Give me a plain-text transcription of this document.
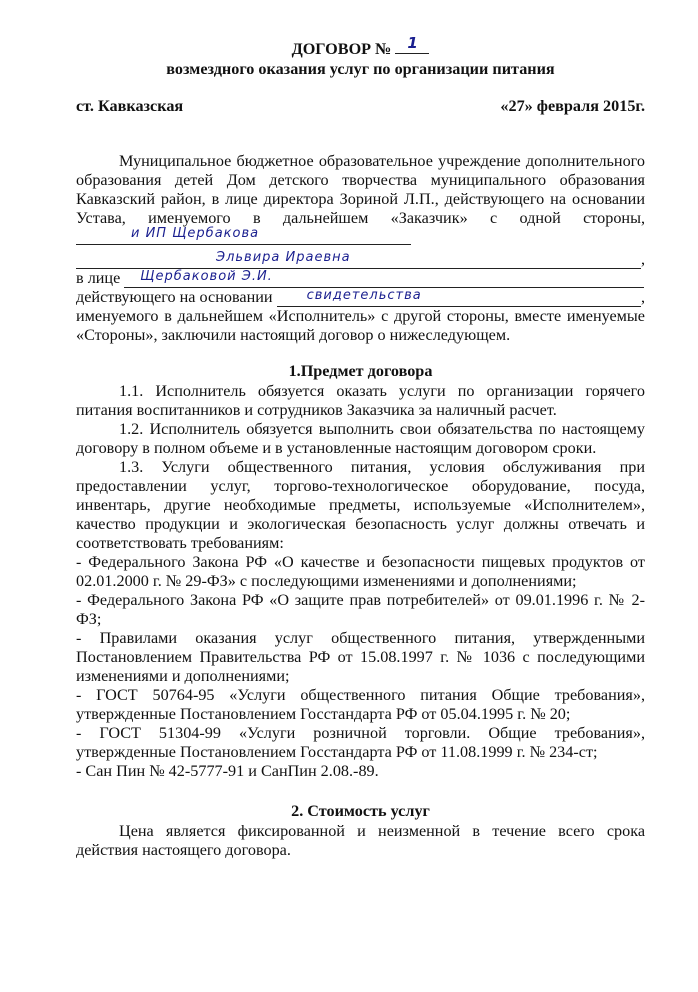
ДОГОВОР № 1

возмездного оказания услуг по организации питания

ст. Кавказская	«27» февраля 2015г.

Муниципальное бюджетное образовательное учреждение дополнительного образования детей Дом детского творчества муниципального образования Кавказский район, в лице директора Зориной Л.П., действующего на основании Устава, именуемого в дальнейшем «Заказчик» с одной стороны,
и ИП Щербакова

Эльвира Ираевна	,
в лице Щербаковой Э.И.
действующего на основании	свидетельства	,

именуемого в дальнейшем «Исполнитель» с другой стороны, вместе именуемые «Стороны», заключили настоящий договор о нижеследующем.

1.Предмет договора

1.1. Исполнитель обязуется оказать услуги по организации горячего питания воспитанников и сотрудников Заказчика за наличный расчет.

1.2. Исполнитель обязуется выполнить свои обязательства по настоящему договору в полном объеме и в установленные настоящим договором сроки.

1.3. Услуги общественного питания, условия обслуживания при предоставлении услуг, торгово-технологическое оборудование, посуда, инвентарь, другие необходимые предметы, используемые «Исполнителем», качество продукции и экологическая безопасность услуг должны отвечать и соответствовать требованиям:

- Федерального Закона РФ «О качестве и безопасности пищевых продуктов от 02.01.2000 г. № 29-ФЗ» с последующими изменениями и дополнениями;

- Федерального Закона РФ «О защите прав потребителей» от 09.01.1996 г. № 2-ФЗ;

- Правилами оказания услуг общественного питания, утвержденными Постановлением Правительства РФ от 15.08.1997 г. № 1036 с последующими изменениями и дополнениями;

- ГОСТ 50764-95 «Услуги общественного питания Общие требования», утвержденные Постановлением Госстандарта РФ от 05.04.1995 г. № 20;

- ГОСТ 51304-99 «Услуги розничной торговли. Общие требования», утвержденные Постановлением Госстандарта РФ от 11.08.1999 г. № 234-ст;

- Сан Пин № 42-5777-91 и СанПин 2.08.-89.

2. Стоимость услуг

Цена является фиксированной и неизменной в течение всего срока действия настоящего договора.
